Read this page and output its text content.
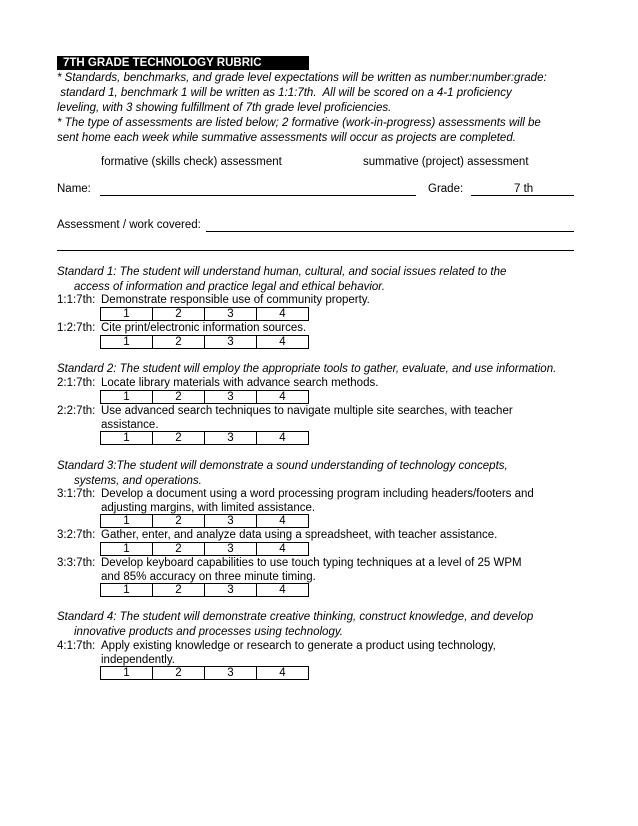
7TH GRADE TECHNOLOGY RUBRIC
* Standards, benchmarks, and grade level expectations will be written as number:number:grade:
standard 1, benchmark 1 will be written as 1:1:7th.  All will be scored on a 4-1 proficiency
leveling, with 3 showing fulfillment of 7th grade level proficiencies.
* The type of assessments are listed below; 2 formative (work-in-progress) assessments will be
sent home each week while summative assessments will occur as projects are completed.
formative (skills check) assessment	summative (project) assessment
Name:	Grade:	7 th
Assessment / work covered:
Standard 1: The student will understand human, cultural, and social issues related to the
access of information and practice legal and ethical behavior.
1:1:7th: Demonstrate responsible use of community property.
1	2	3	4
1:2:7th: Cite print/electronic information sources.
1	2	3	4
Standard 2: The student will employ the appropriate tools to gather, evaluate, and use information.
2:1:7th: Locate library materials with advance search methods.
1	2	3	4
2:2:7th: Use advanced search techniques to navigate multiple site searches, with teacher
assistance.
1	2	3	4
Standard 3:The student will demonstrate a sound understanding of technology concepts,
systems, and operations.
3:1:7th: Develop a document using a word processing program including headers/footers and
adjusting margins, with limited assistance.
1	2	3	4
3:2:7th: Gather, enter, and analyze data using a spreadsheet, with teacher assistance.
1	2	3	4
3:3:7th: Develop keyboard capabilities to use touch typing techniques at a level of 25 WPM
and 85% accuracy on three minute timing.
1	2	3	4
Standard 4: The student will demonstrate creative thinking, construct knowledge, and develop
innovative products and processes using technology.
4:1:7th: Apply existing knowledge or research to generate a product using technology,
independently.
1	2	3	4
